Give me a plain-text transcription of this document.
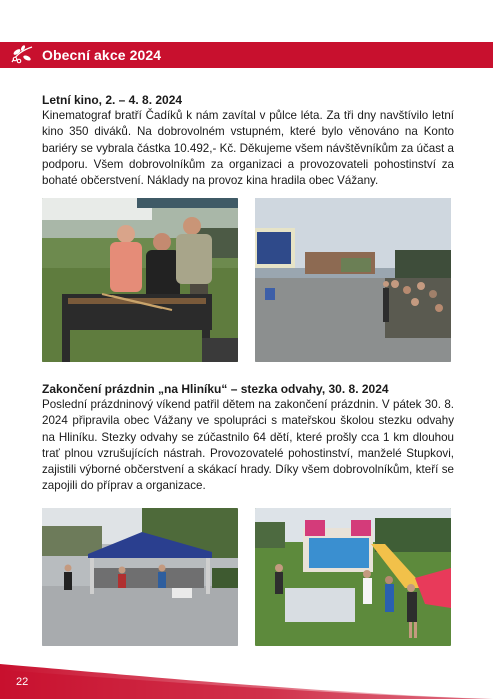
Obecní akce 2024

Letní kino, 2. – 4. 8. 2024

Kinematograf bratří Čadíků k nám zavítal v půlce léta. Za tři dny navštívilo letní kino 350 diváků. Na dobrovolném vstupném, které bylo věnováno na Konto bariéry se vybrala částka 10.492,- Kč. Děkujeme všem návštěvníkům za účast a podporu. Všem dobrovolníkům za organizaci a provozovateli pohostinství za bohaté občerstvení. Náklady na provoz kina hradila obec Vážany.

Zakončení prázdnin „na Hliníku“ – stezka odvahy, 30. 8. 2024

Poslední prázdninový víkend patřil dětem na zakončení prázdnin. V pátek 30. 8. 2024 připravila obec Vážany ve spolupráci s mateřskou školou stezku odvahy na Hliníku. Stezky odvahy se zúčastnilo 64 dětí, které prošly cca 1 km dlouhou trať plnou vzrušujících nástrah. Provozovatelé pohostinství, manželé Stupkovi, zajistili výborné občerstvení a skákací hrady. Díky všem dobrovolníkům, kteří se zapojili do příprav a organizace.

22
